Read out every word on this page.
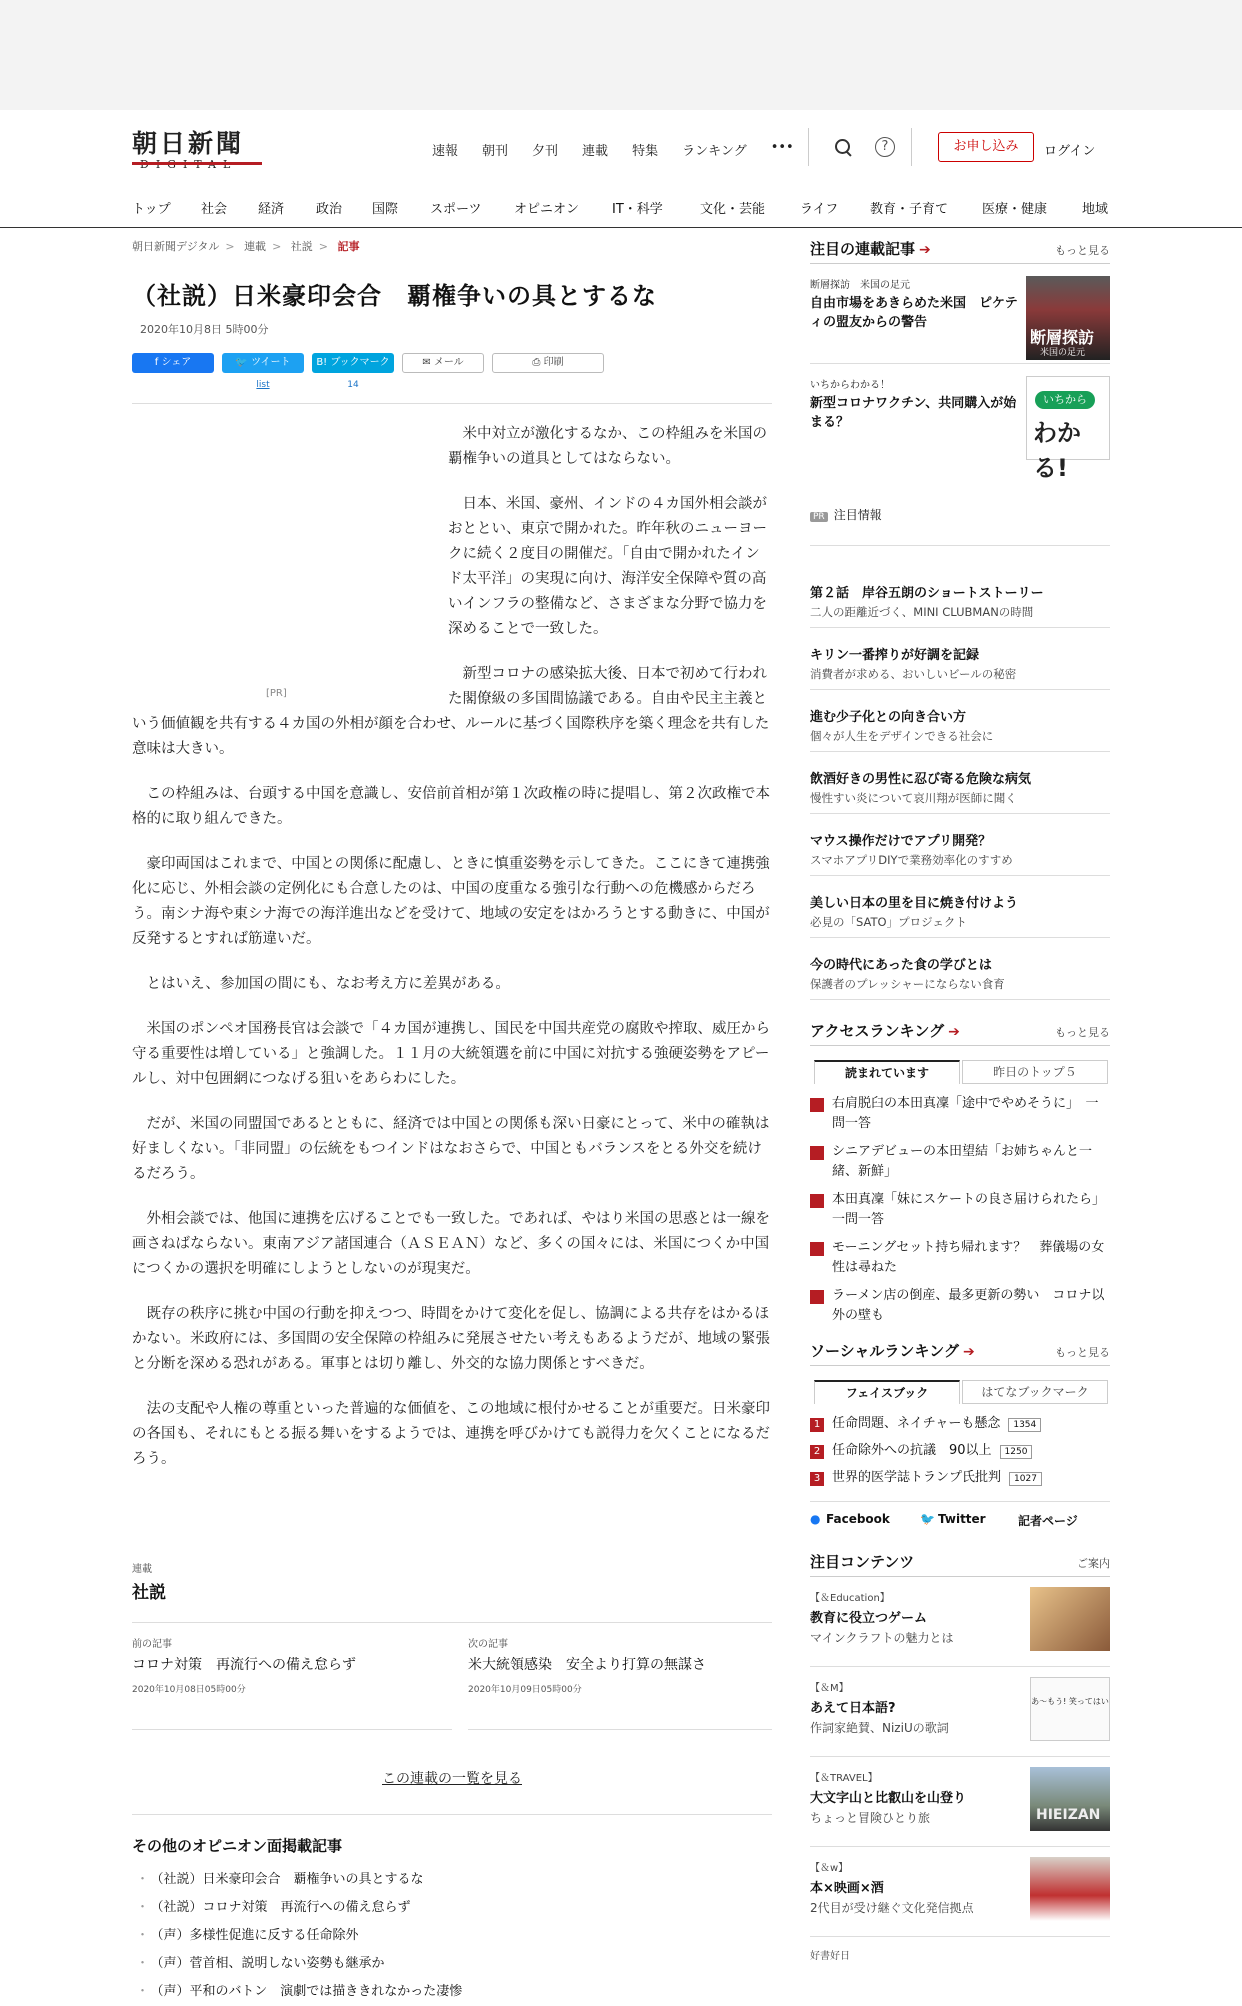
朝日新聞	速報 朝刊 夕刊 連載 特集 ランキング •••	?	お申し込み	ログイン
トップ 社会 経済 政治 国際 スポーツ	オピニオン	IT・科学	文化・芸能	ライフ 教育・子育て	医療・健康	地域
朝日新聞デジタル > 連載 > 社説 > 記事
（社説）日米豪印会合　覇権争いの具とするな
2020年10月8日 5時00分
f シェア	🐦 ツイート
list
B! ブックマーク
14
✉ メール	⎙ 印刷
[PR]

米中対立が激化するなか、この枠組みを米国の覇権争いの道具としてはならない。

日本、米国、豪州、インドの４カ国外相会談がおととい、東京で開かれた。昨年秋のニューヨークに続く２度目の開催だ。「自由で開かれたインド太平洋」の実現に向け、海洋安全保障や質の高いインフラの整備など、さまざまな分野で協力を深めることで一致した。

新型コロナの感染拡大後、日本で初めて行われた閣僚級の多国間協議である。自由や民主主義という価値観を共有する４カ国の外相が顔を合わせ、ルールに基づく国際秩序を築く理念を共有した意味は大きい。

この枠組みは、台頭する中国を意識し、安倍前首相が第１次政権の時に提唱し、第２次政権で本格的に取り組んできた。

豪印両国はこれまで、中国との関係に配慮し、ときに慎重姿勢を示してきた。ここにきて連携強化に応じ、外相会談の定例化にも合意したのは、中国の度重なる強引な行動への危機感からだろう。南シナ海や東シナ海での海洋進出などを受けて、地域の安定をはかろうとする動きに、中国が反発するとすれば筋違いだ。

とはいえ、参加国の間にも、なお考え方に差異がある。

米国のポンペオ国務長官は会談で「４カ国が連携し、国民を中国共産党の腐敗や搾取、威圧から守る重要性は増している」と強調した。１１月の大統領選を前に中国に対抗する強硬姿勢をアピールし、対中包囲網につなげる狙いをあらわにした。

だが、米国の同盟国であるとともに、経済では中国との関係も深い日豪にとって、米中の確執は好ましくない。「非同盟」の伝統をもつインドはなおさらで、中国ともバランスをとる外交を続けるだろう。

外相会談では、他国に連携を広げることでも一致した。であれば、やはり米国の思惑とは一線を画さねばならない。東南アジア諸国連合（ＡＳＥＡＮ）など、多くの国々には、米国につくか中国につくかの選択を明確にしようとしないのが現実だ。

既存の秩序に挑む中国の行動を抑えつつ、時間をかけて変化を促し、協調による共存をはかるほかない。米政府には、多国間の安全保障の枠組みに発展させたい考えもあるようだが、地域の緊張と分断を深める恐れがある。軍事とは切り離し、外交的な協力関係とすべきだ。

法の支配や人権の尊重といった普遍的な価値を、この地域に根付かせることが重要だ。日米豪印の各国も、それにもとる振る舞いをするようでは、連携を呼びかけても説得力を欠くことになるだろう。

連載
社説
前の記事
コロナ対策　再流行への備え怠らず
2020年10月08日05時00分
次の記事
米大統領感染　安全より打算の無謀さ
2020年10月09日05時00分
この連載の一覧を見る
その他のオピニオン面掲載記事
・ （社説）日米豪印会合　覇権争いの具とするな
・ （社説）コロナ対策　再流行への備え怠らず
・ （声）多様性促進に反する任命除外
・ （声）菅首相、説明しない姿勢も継承か
・ （声）平和のバトン　演劇では描ききれなかった凄惨
注目の連載記事 ➔	もっと見る
断層探訪　米国の足元
自由市場をあきらめた米国　ピケティの盟友からの警告
断層探訪
米国の足元
いちからわかる！
新型コロナワクチン、共同購入が始まる？
いちから
わかる!
PR 注目情報
第２話　岸谷五朗のショートストーリー
二人の距離近づく、MINI CLUBMANの時間
キリン一番搾りが好調を記録
消費者が求める、おいしいビールの秘密
進む少子化との向き合い方
個々が人生をデザインできる社会に
飲酒好きの男性に忍び寄る危険な病気
慢性すい炎について哀川翔が医師に聞く
マウス操作だけでアプリ開発？
スマホアプリDIYで業務効率化のすすめ
美しい日本の里を目に焼き付けよう
必見の「SATO」プロジェクト
今の時代にあった食の学びとは
保護者のプレッシャーにならない食育
アクセスランキング ➔	もっと見る
読まれています	昨日のトップ５
右肩脱臼の本田真凜「途中でやめそうに」　一問一答
シニアデビューの本田望結「お姉ちゃんと一緒、新鮮」
本田真凜「妹にスケートの良さ届けられたら」　一問一答
モーニングセット持ち帰れます？　葬儀場の女性は尋ねた
ラーメン店の倒産、最多更新の勢い　コロナ以外の壁も
ソーシャルランキング ➔	もっと見る
フェイスブック	はてなブックマーク
1 任命問題、ネイチャーも懸念 1354
2 任命除外への抗議　90以上 1250
3 世界的医学誌トランプ氏批判 1027
● Facebook	🐦 Twitter	記者ページ
注目コンテンツ	ご案内
【＆Education】
教育に役立つゲーム
マインクラフトの魅力とは
【＆M】
あえて日本語?
作詞家絶賛、NiziUの歌詞
あ～もう! 笑ってはい
【＆TRAVEL】
大文字山と比叡山を山登り
ちょっと冒険ひとり旅	HIEIZAN
【＆w】
本×映画×酒
2代目が受け継ぐ文化発信拠点
好書好日
